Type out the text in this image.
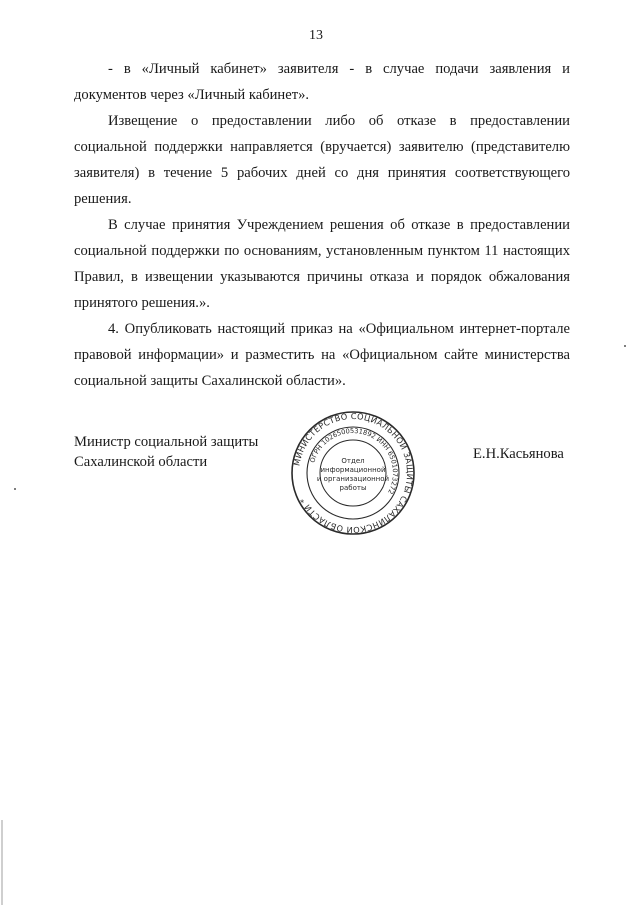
13

- в «Личный кабинет» заявителя - в случае подачи заявления и документов через «Личный кабинет».

Извещение о предоставлении либо об отказе в предоставлении социальной поддержки направляется (вручается) заявителю (представителю заявителя) в течение 5 рабочих дней со дня принятия соответствующего решения.

В случае принятия Учреждением решения об отказе в предоставлении социальной поддержки по основаниям, установленным пунктом 11 настоящих Правил, в извещении указываются причины отказа и порядок обжалования принятого решения.».

4. Опубликовать настоящий приказ на «Официальном интернет-портале правовой информации» и разместить на «Официальном сайте министерства социальной защиты Сахалинской области».

Министр социальной защиты
Сахалинской области	Е.Н.Касьянова
МИНИСТЕРСТВО СОЦИАЛЬНОЙ ЗАЩИТЫ САХАЛИНСКОЙ ОБЛАСТИ *
ОГРН 1026500531892 ИНН 6501073272
Отдел
информационной
и организационной
работы
